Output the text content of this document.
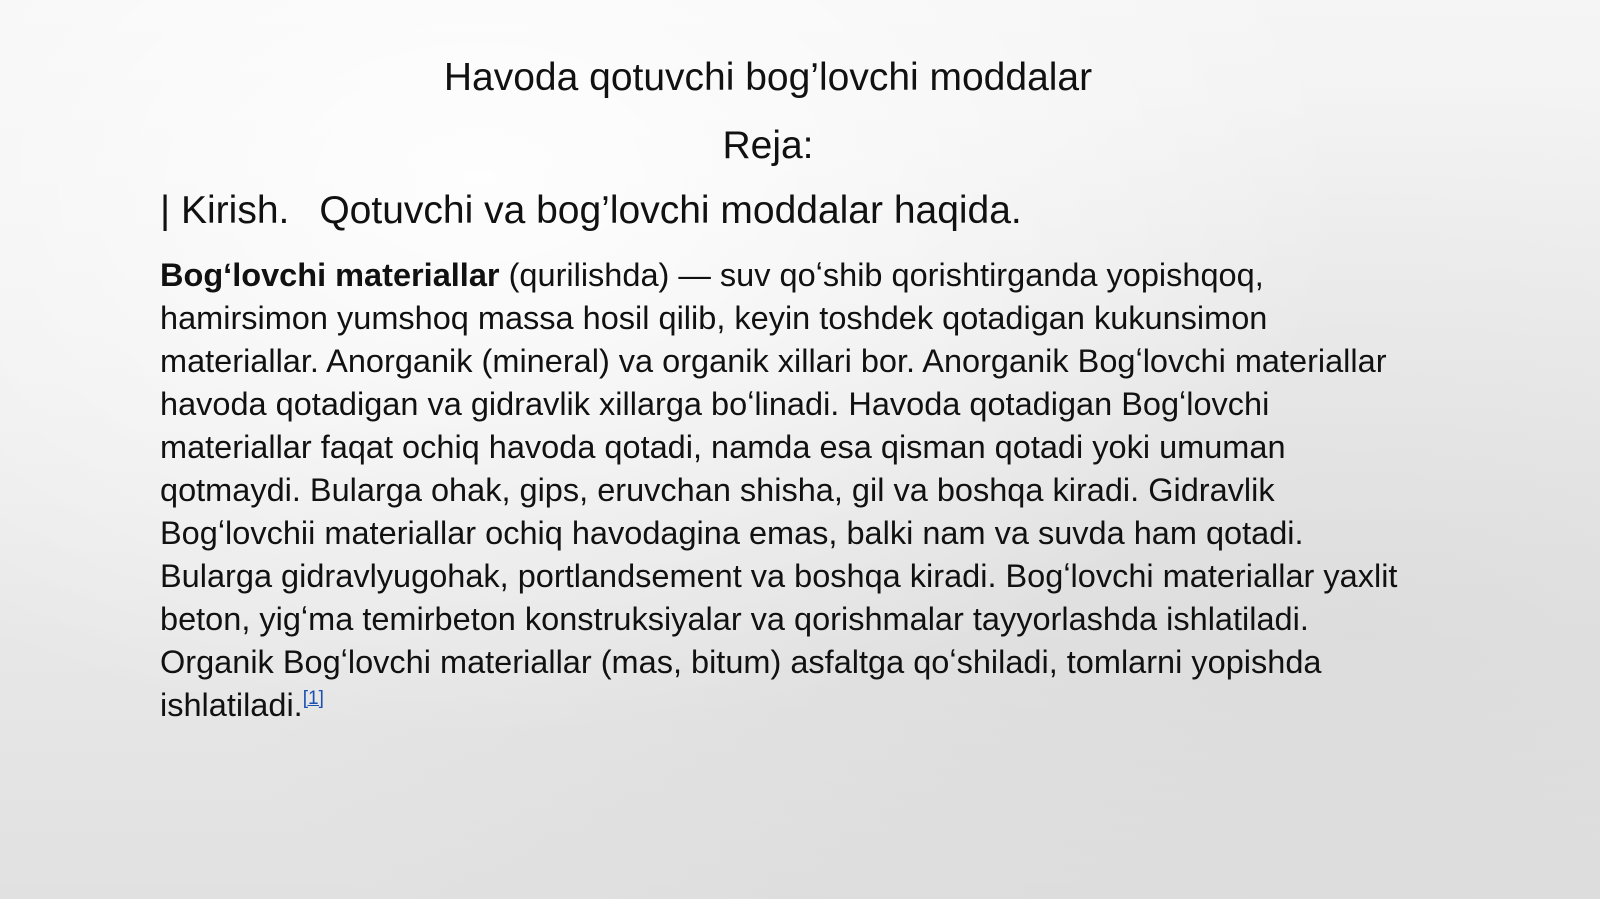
Havoda qotuvchi bog’lovchi moddalar
Reja:
| Kirish. Qotuvchi va bog’lovchi moddalar haqida.

Bogʻlovchi materiallar (qurilishda) — suv qoʻshib qorishtirganda yopishqoq, hamirsimon yumshoq massa hosil qilib, keyin toshdek qotadigan kukunsimon materiallar. Anorganik (mineral) va organik xillari bor. Anorganik Bogʻlovchi materiallar havoda qotadigan va gidravlik xillarga boʻlinadi. Havoda qotadigan Bogʻlovchi materiallar faqat ochiq havoda qotadi, namda esa qisman qotadi yoki umuman qotmaydi. Bularga ohak, gips, eruvchan shisha, gil va boshqa kiradi. Gidravlik Bogʻlovchii materiallar ochiq havodagina emas, balki nam va suvda ham qotadi. Bularga gidravlyugohak, portlandsement va boshqa kiradi. Bogʻlovchi materiallar yaxlit beton, yigʻma temirbeton konstruksiyalar va qorishmalar tayyorlashda ishlatiladi. Organik Bogʻlovchi materiallar (mas, bitum) asfaltga qoʻshiladi, tomlarni yopishda ishlatiladi.[1]
